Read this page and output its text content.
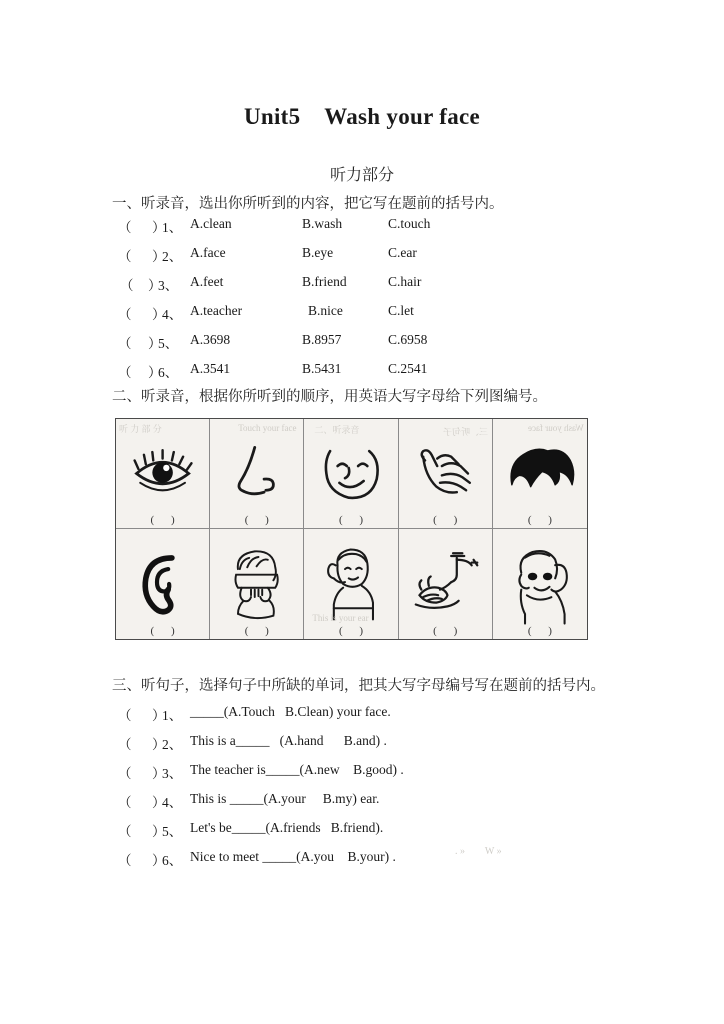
Unit5    Wash your face
听力部分
一、听录音，选出你所听到的内容，把它写在题前的括号内。

（

）

1、

A.clean

	B.wash

	C.touch

（

）

2、

A.face

	B.eye

	C.ear

（

）

3、

A.feet

	B.friend

	C.hair

（

）

4、

A.teacher

	B.nice

	C.let

（

）

5、

A.3698

	B.8957

	C.6958

（

）

6、

A.3541

	B.5431

	C.2541

二、听录音，根据你所听到的顺序，用英语大写字母给下列图编号。
听 力 部 分
( )
Touch your face
( )
二、听录音
( )
三、听句子
( )
Wash your face
( )
( )	( )
This is your ear
( )	( )	( )
三、听句子，选择句子中所缺的单词，把其大写字母编号写在题前的括号内。

（

）

1、

_____(A.Touch   B.Clean) your face.

（

）

2、

This is a_____   (A.hand      B.and) .

（

）

3、

The teacher is_____(A.new    B.good) .

（

）

4、

This is _____(A.your     B.my) ear.

（

）

5、

Let's be_____(A.friends   B.friend).

（

）

6、

Nice to meet _____(A.you    B.your) .

	. »        W »
